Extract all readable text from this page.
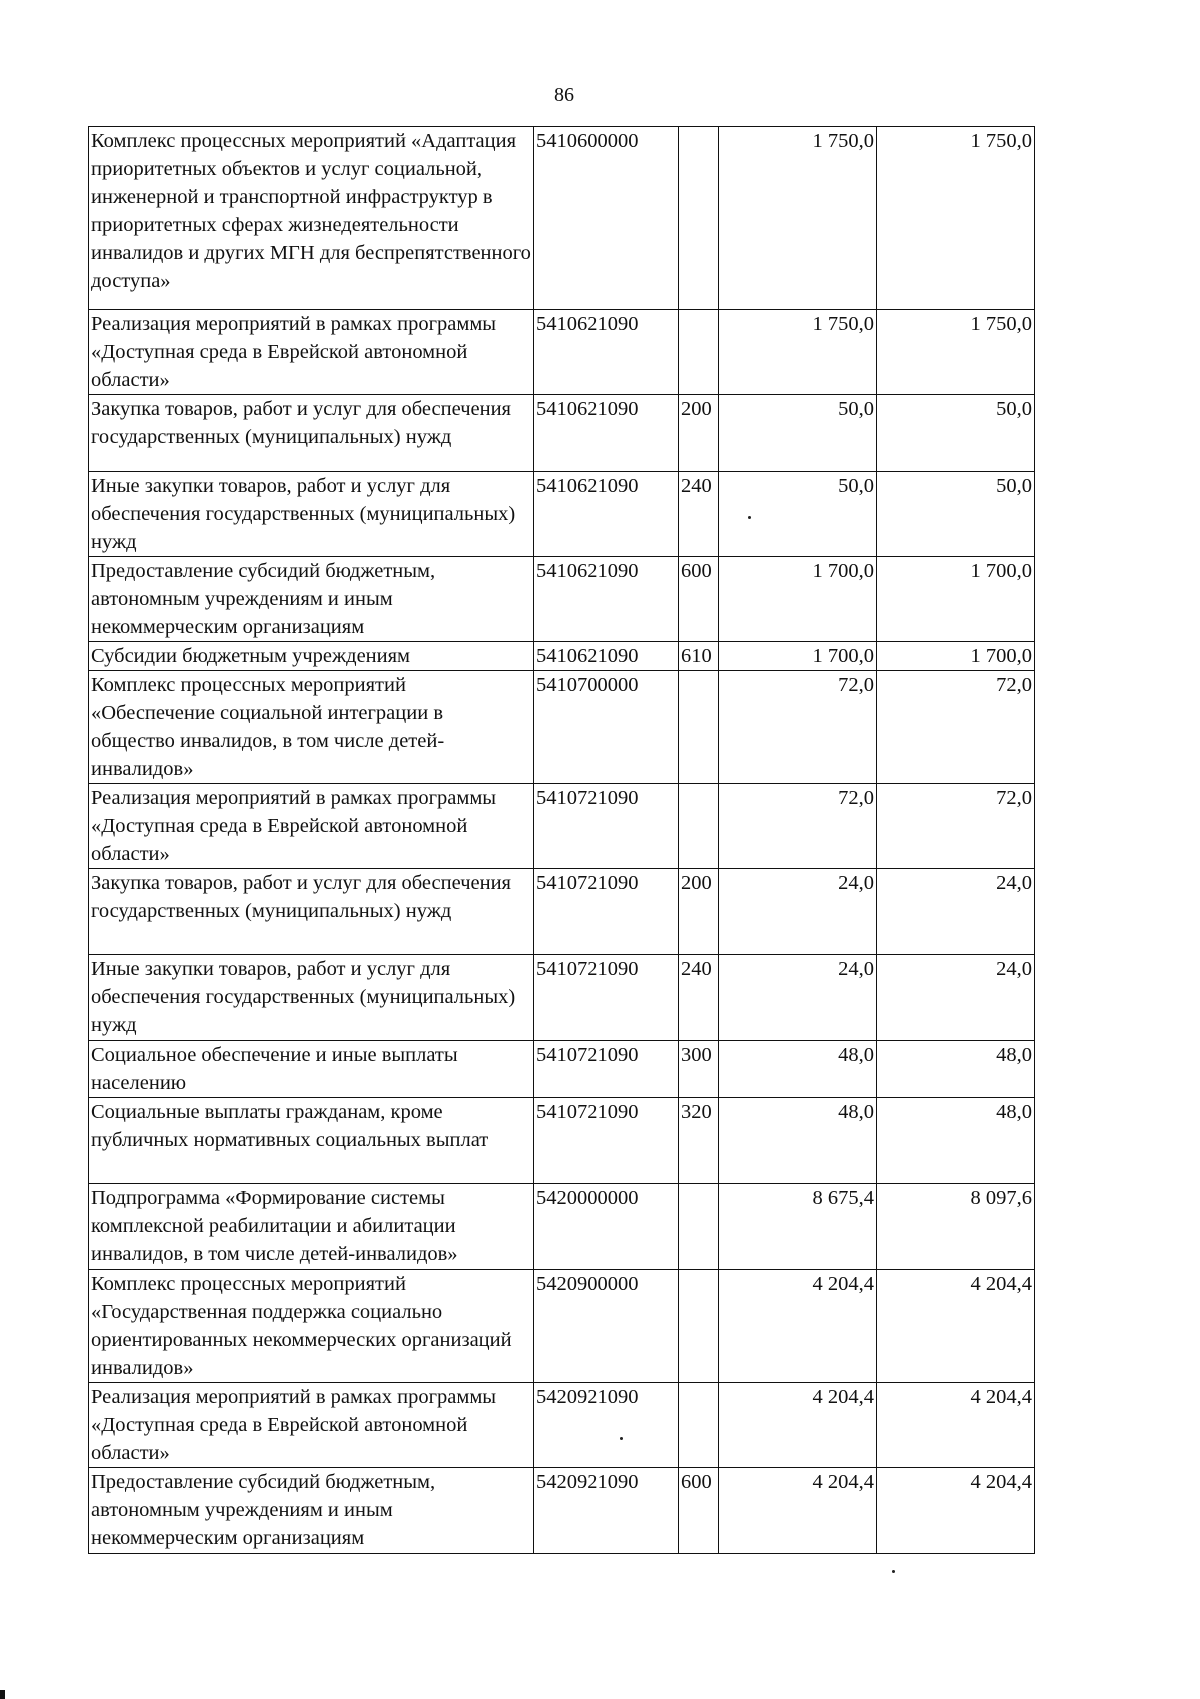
86
Комплекс процессных мероприятий «Адаптация приоритетных объектов и услуг социальной, инженерной и транспортной инфраструктур в приоритетных сферах жизнедеятельности инвалидов и других МГН для беспрепятственного доступа»	5410600000		1 750,0	1 750,0
Реализация мероприятий в рамках программы «Доступная среда в Еврейской автономной области»	5410621090		1 750,0	1 750,0
Закупка товаров, работ и услуг для обеспечения государственных (муниципальных) нужд	5410621090	200	50,0	50,0
Иные закупки товаров, работ и услуг для обеспечения государственных (муниципальных) нужд	5410621090	240	50,0	50,0
Предоставление субсидий бюджетным, автономным учреждениям и иным некоммерческим организациям	5410621090	600	1 700,0	1 700,0
Субсидии бюджетным учреждениям	5410621090	610	1 700,0	1 700,0
Комплекс процессных мероприятий «Обеспечение социальной интеграции в общество инвалидов, в том числе детей-инвалидов»	5410700000		72,0	72,0
Реализация мероприятий в рамках программы «Доступная среда в Еврейской автономной области»	5410721090		72,0	72,0
Закупка товаров, работ и услуг для обеспечения государственных (муниципальных) нужд	5410721090	200	24,0	24,0
Иные закупки товаров, работ и услуг для обеспечения государственных (муниципальных) нужд	5410721090	240	24,0	24,0
Социальное обеспечение и иные выплаты населению	5410721090	300	48,0	48,0
Социальные выплаты гражданам, кроме публичных нормативных социальных выплат	5410721090	320	48,0	48,0
Подпрограмма «Формирование системы комплексной реабилитации и абилитации инвалидов, в том числе детей-инвалидов»	5420000000		8 675,4	8 097,6
Комплекс процессных мероприятий «Государственная поддержка социально ориентированных некоммерческих организаций инвалидов»	5420900000		4 204,4	4 204,4
Реализация мероприятий в рамках программы «Доступная среда в Еврейской автономной области»	5420921090		4 204,4	4 204,4
Предоставление субсидий бюджетным, автономным учреждениям и иным некоммерческим организациям	5420921090	600	4 204,4	4 204,4
